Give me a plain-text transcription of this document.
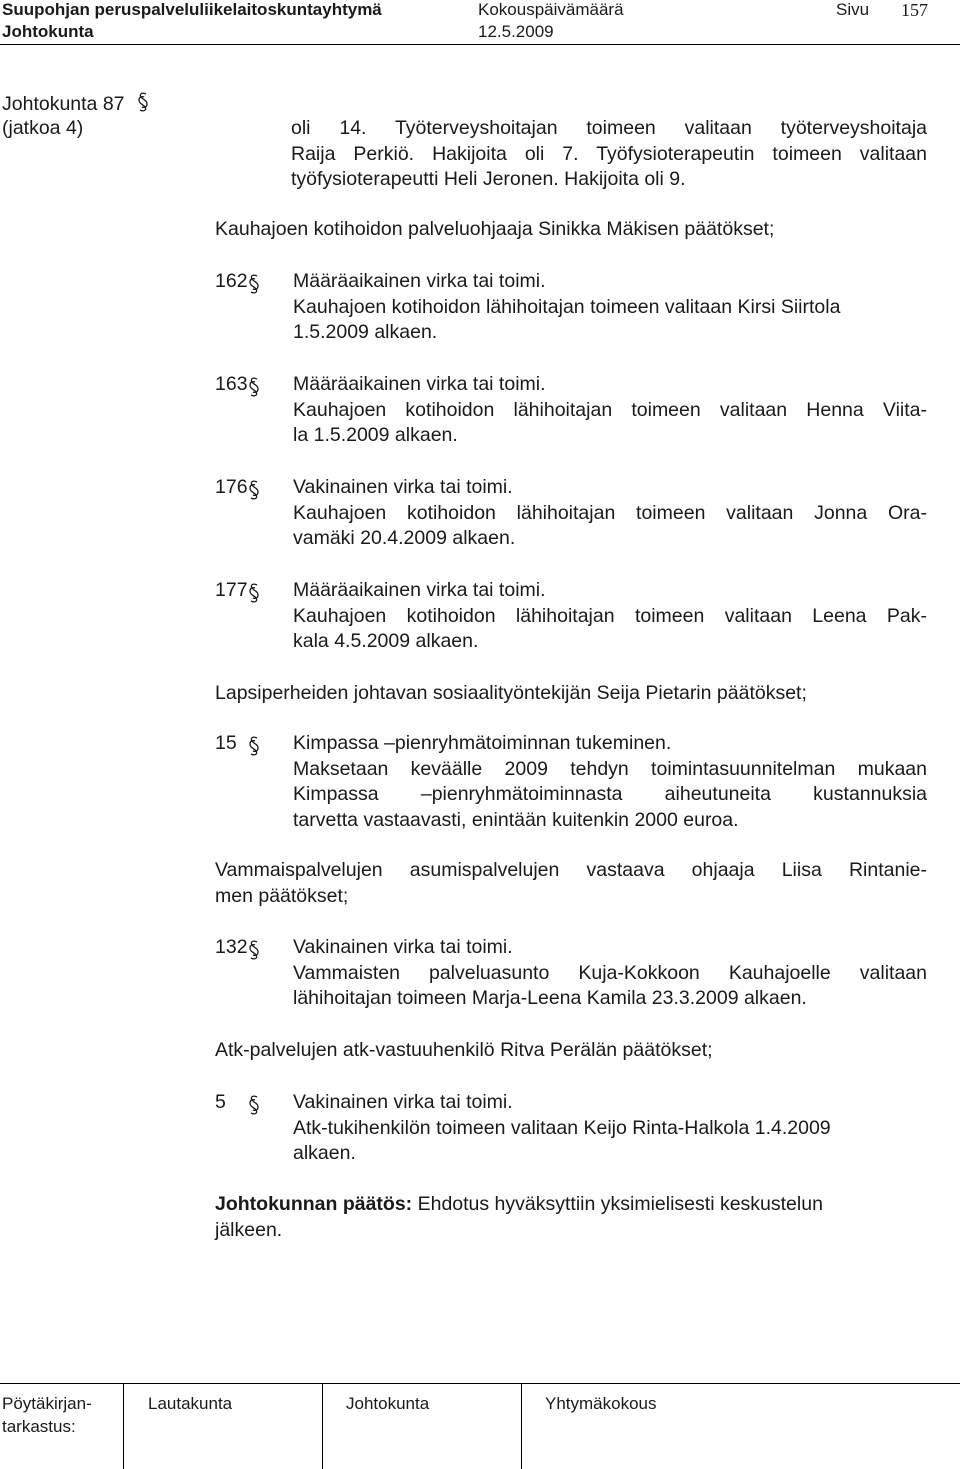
Suupohjan peruspalveluliikelaitoskuntayhtymä	Kokouspäivämäärä	Sivu 157
Johtokunta	12.5.2009
Johtokunta 87
(jatkoa 4)	oli 14. Työterveyshoitajan toimeen valitaan työterveyshoitaja
Raija Perkiö. Hakijoita oli 7. Työfysioterapeutin toimeen valitaan
työfysioterapeutti Heli Jeronen. Hakijoita oli 9.
Kauhajoen kotihoidon palveluohjaaja Sinikka Mäkisen päätökset;
162 Määräaikainen virka tai toimi.
Kauhajoen kotihoidon lähihoitajan toimeen valitaan Kirsi Siirtola
1.5.2009 alkaen.
163 Määräaikainen virka tai toimi.
Kauhajoen kotihoidon lähihoitajan toimeen valitaan Henna Viita-
la 1.5.2009 alkaen.
176 Vakinainen virka tai toimi.
Kauhajoen kotihoidon lähihoitajan toimeen valitaan Jonna Ora-
vamäki 20.4.2009 alkaen.
177 Määräaikainen virka tai toimi.
Kauhajoen kotihoidon lähihoitajan toimeen valitaan Leena Pak-
kala 4.5.2009 alkaen.
Lapsiperheiden johtavan sosiaalityöntekijän Seija Pietarin päätökset;
15	Kimpassa –pienryhmätoiminnan tukeminen.
Maksetaan keväälle 2009 tehdyn toimintasuunnitelman mukaan
Kimpassa –pienryhmätoiminnasta aiheutuneita kustannuksia
tarvetta vastaavasti, enintään kuitenkin 2000 euroa.
Vammaispalvelujen asumispalvelujen vastaava ohjaaja Liisa Rintanie-
men päätökset;
132 Vakinainen virka tai toimi.
Vammaisten palveluasunto Kuja-Kokkoon Kauhajoelle valitaan
lähihoitajan toimeen Marja-Leena Kamila 23.3.2009 alkaen.
Atk-palvelujen atk-vastuuhenkilö Ritva Perälän päätökset;
5	Vakinainen virka tai toimi.
Atk-tukihenkilön toimeen valitaan Keijo Rinta-Halkola 1.4.2009
alkaen.
Johtokunnan päätös: Ehdotus hyväksyttiin yksimielisesti keskustelun
jälkeen.
Pöytäkirjan-
tarkastus:
Lautakunta	Johtokunta	Yhtymäkokous
